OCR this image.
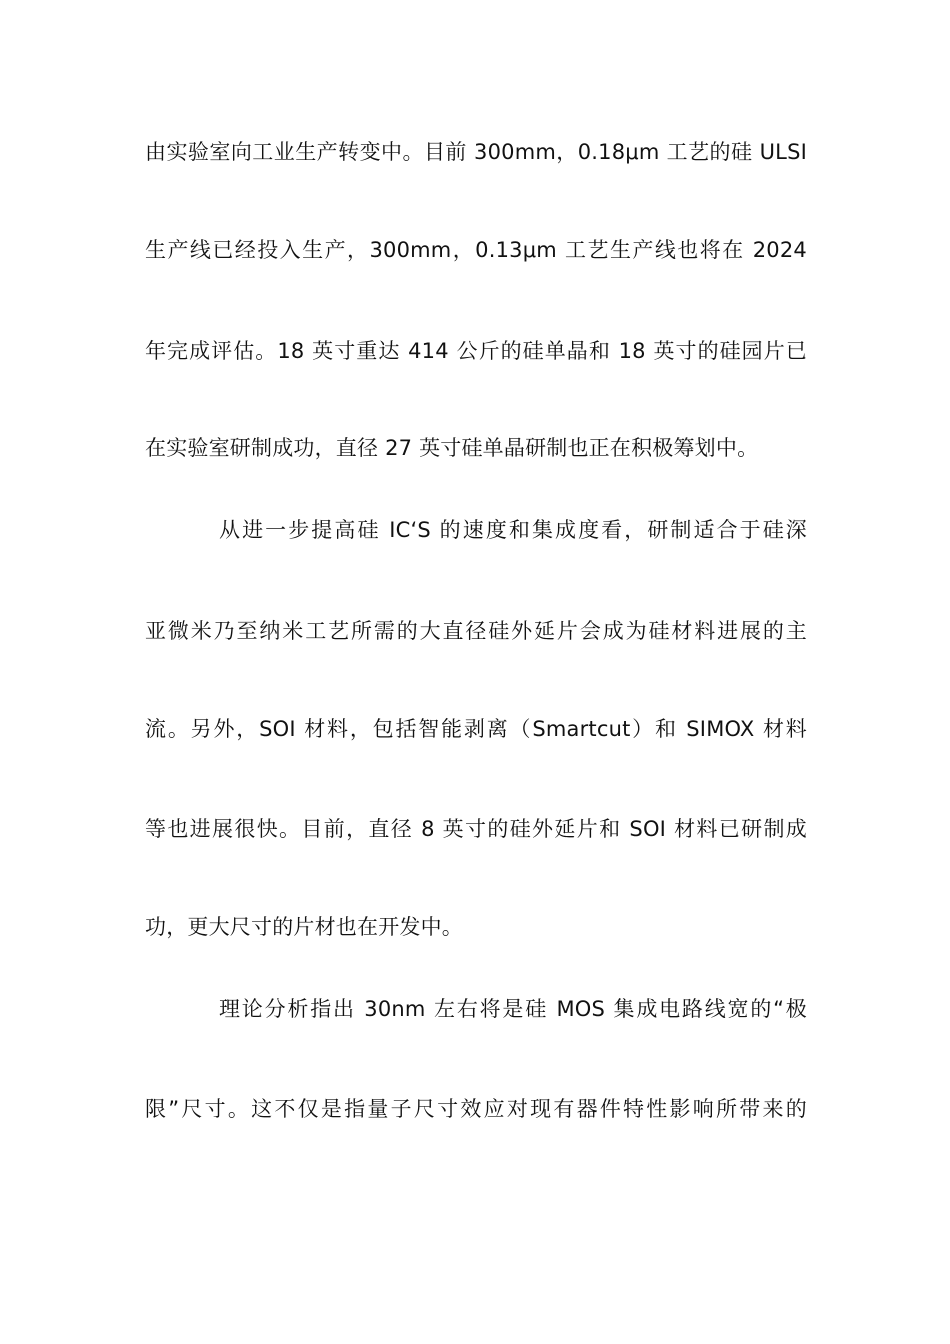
由实验室向工业生产转变中。目前 300mm，0.18μm 工艺的硅 ULSI
生产线已经投入生产，300mm，0.13μm 工艺生产线也将在 2024
年完成评估。18 英寸重达 414 公斤的硅单晶和 18 英寸的硅园片已
在实验室研制成功，直径 27 英寸硅单晶研制也正在积极筹划中。
从进一步提高硅 IC‘S 的速度和集成度看，研制适合于硅深
亚微米乃至纳米工艺所需的大直径硅外延片会成为硅材料进展的主
流。另外，SOI 材料，包括智能剥离（Smartcut）和 SIMOX 材料
等也进展很快。目前，直径 8 英寸的硅外延片和 SOI 材料已研制成
功，更大尺寸的片材也在开发中。
理论分析指出 30nm 左右将是硅 MOS 集成电路线宽的“极
限”尺寸。这不仅是指量子尺寸效应对现有器件特性影响所带来的
